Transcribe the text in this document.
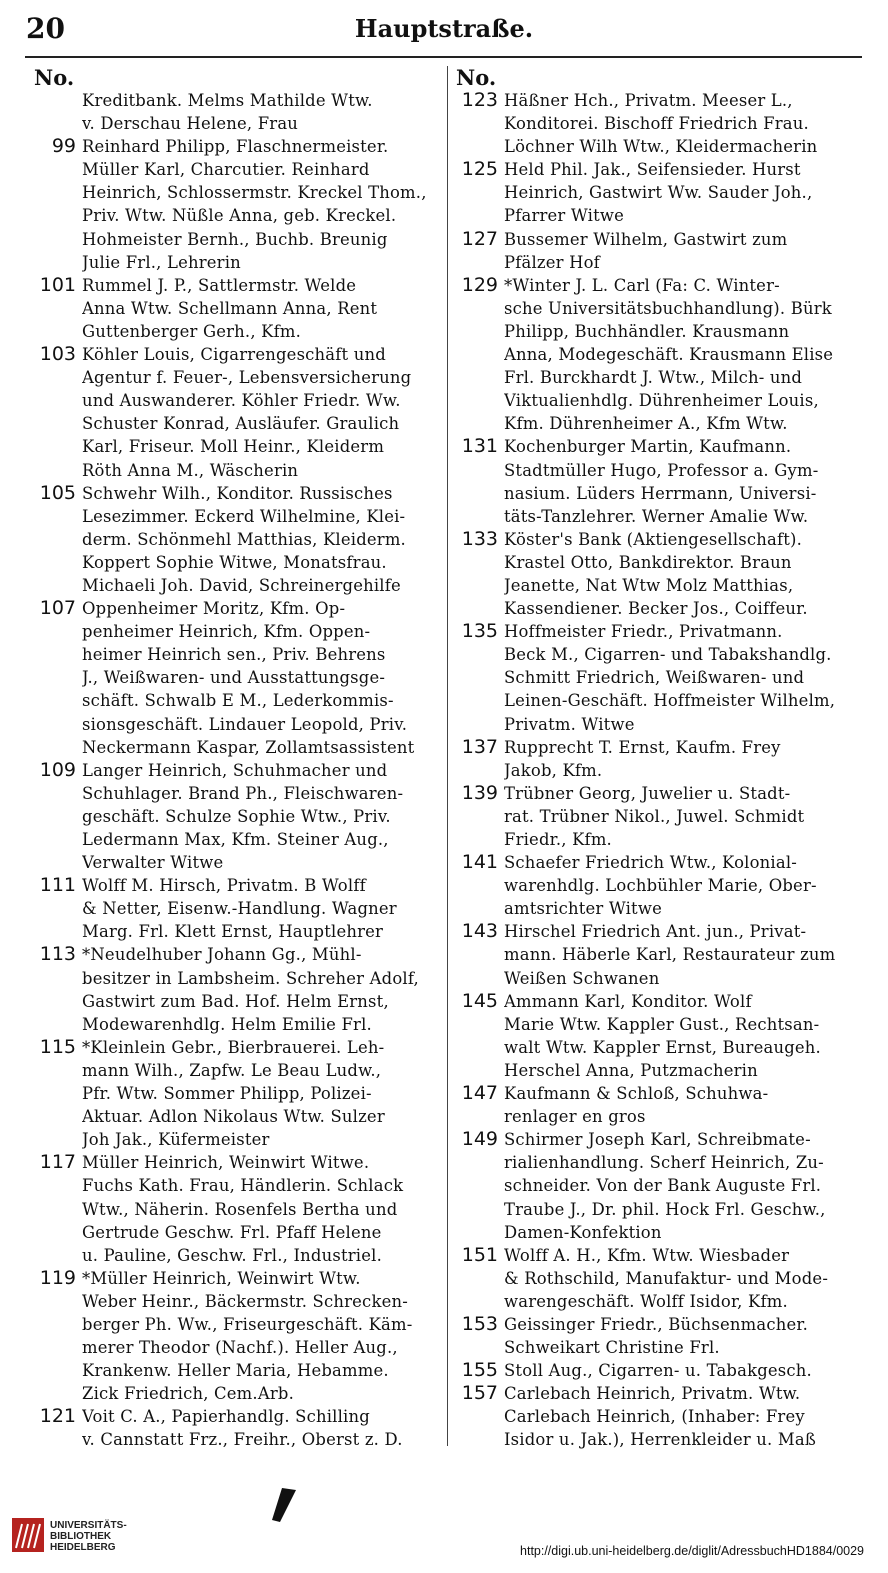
20	Hauptstraße.
No.
Kreditbank. Melms Mathilde Wtw.
v. Derschau Helene, Frau
99 Reinhard Philipp, Flaschnermeister.
Müller Karl, Charcutier. Reinhard
Heinrich, Schlossermstr. Kreckel Thom.,
Priv. Wtw. Nüßle Anna, geb. Kreckel.
Hohmeister Bernh., Buchb. Breunig
Julie Frl., Lehrerin
101 Rummel J. P., Sattlermstr. Welde
Anna Wtw. Schellmann Anna, Rent
Guttenberger Gerh., Kfm.
103 Köhler Louis, Cigarrengeschäft und
Agentur f. Feuer-, Lebensversicherung
und Auswanderer. Köhler Friedr. Ww.
Schuster Konrad, Ausläufer. Graulich
Karl, Friseur. Moll Heinr., Kleiderm
Röth Anna M., Wäscherin
105 Schwehr Wilh., Konditor. Russisches
Lesezimmer. Eckerd Wilhelmine, Klei-
derm. Schönmehl Matthias, Kleiderm.
Koppert Sophie Witwe, Monatsfrau.
Michaeli Joh. David, Schreinergehilfe
107 Oppenheimer Moritz, Kfm. Op-
penheimer Heinrich, Kfm. Oppen-
heimer Heinrich sen., Priv. Behrens
J., Weißwaren- und Ausstattungsge-
schäft. Schwalb E M., Lederkommis-
sionsgeschäft. Lindauer Leopold, Priv.
Neckermann Kaspar, Zollamtsassistent
109 Langer Heinrich, Schuhmacher und
Schuhlager. Brand Ph., Fleischwaren-
geschäft. Schulze Sophie Wtw., Priv.
Ledermann Max, Kfm. Steiner Aug.,
Verwalter Witwe
111 Wolff M. Hirsch, Privatm. B Wolff
& Netter, Eisenw.-Handlung. Wagner
Marg. Frl. Klett Ernst, Hauptlehrer
113 *Neudelhuber Johann Gg., Mühl-
besitzer in Lambsheim. Schreher Adolf,
Gastwirt zum Bad. Hof. Helm Ernst,
Modewarenhdlg. Helm Emilie Frl.
115 *Kleinlein Gebr., Bierbrauerei. Leh-
mann Wilh., Zapfw. Le Beau Ludw.,
Pfr. Wtw. Sommer Philipp, Polizei-
Aktuar. Adlon Nikolaus Wtw. Sulzer
Joh Jak., Küfermeister
117 Müller Heinrich, Weinwirt Witwe.
Fuchs Kath. Frau, Händlerin. Schlack
Wtw., Näherin. Rosenfels Bertha und
Gertrude Geschw. Frl. Pfaff Helene
u. Pauline, Geschw. Frl., Industriel.
119 *Müller Heinrich, Weinwirt Wtw.
Weber Heinr., Bäckermstr. Schrecken-
berger Ph. Ww., Friseurgeschäft. Käm-
merer Theodor (Nachf.). Heller Aug.,
Krankenw. Heller Maria, Hebamme.
Zick Friedrich, Cem.Arb.
121 Voit C. A., Papierhandlg. Schilling
v. Cannstatt Frz., Freihr., Oberst z. D.
No.
123 Häßner Hch., Privatm. Meeser L.,
Konditorei. Bischoff Friedrich Frau.
Löchner Wilh Wtw., Kleidermacherin
125 Held Phil. Jak., Seifensieder. Hurst
Heinrich, Gastwirt Ww. Sauder Joh.,
Pfarrer Witwe
127 Bussemer Wilhelm, Gastwirt zum
Pfälzer Hof
129 *Winter J. L. Carl (Fa: C. Winter-
sche Universitätsbuchhandlung). Bürk
Philipp, Buchhändler. Krausmann
Anna, Modegeschäft. Krausmann Elise
Frl. Burckhardt J. Wtw., Milch- und
Viktualienhdlg. Dührenheimer Louis,
Kfm. Dührenheimer A., Kfm Wtw.
131 Kochenburger Martin, Kaufmann.
Stadtmüller Hugo, Professor a. Gym-
nasium. Lüders Herrmann, Universi-
täts-Tanzlehrer. Werner Amalie Ww.
133 Köster's Bank (Aktiengesellschaft).
Krastel Otto, Bankdirektor. Braun
Jeanette, Nat Wtw Molz Matthias,
Kassendiener. Becker Jos., Coiffeur.
135 Hoffmeister Friedr., Privatmann.
Beck M., Cigarren- und Tabakshandlg.
Schmitt Friedrich, Weißwaren- und
Leinen-Geschäft. Hoffmeister Wilhelm,
Privatm. Witwe
137 Rupprecht T. Ernst, Kaufm. Frey
Jakob, Kfm.
139 Trübner Georg, Juwelier u. Stadt-
rat. Trübner Nikol., Juwel. Schmidt
Friedr., Kfm.
141 Schaefer Friedrich Wtw., Kolonial-
warenhdlg. Lochbühler Marie, Ober-
amtsrichter Witwe
143 Hirschel Friedrich Ant. jun., Privat-
mann. Häberle Karl, Restaurateur zum
Weißen Schwanen
145 Ammann Karl, Konditor. Wolf
Marie Wtw. Kappler Gust., Rechtsan-
walt Wtw. Kappler Ernst, Bureaugeh.
Herschel Anna, Putzmacherin
147 Kaufmann & Schloß, Schuhwa-
renlager en gros
149 Schirmer Joseph Karl, Schreibmate-
rialienhandlung. Scherf Heinrich, Zu-
schneider. Von der Bank Auguste Frl.
Traube J., Dr. phil. Hock Frl. Geschw.,
Damen-Konfektion
151 Wolff A. H., Kfm. Wtw. Wiesbader
& Rothschild, Manufaktur- und Mode-
warengeschäft. Wolff Isidor, Kfm.
153 Geissinger Friedr., Büchsenmacher.
Schweikart Christine Frl.
155 Stoll Aug., Cigarren- u. Tabakgesch.
157 Carlebach Heinrich, Privatm. Wtw.
Carlebach Heinrich, (Inhaber: Frey
Isidor u. Jak.), Herrenkleider u. Maß
UNIVERSITÄTS-
BIBLIOTHEK
HEIDELBERG	http://digi.ub.uni-heidelberg.de/diglit/AdressbuchHD1884/0029
